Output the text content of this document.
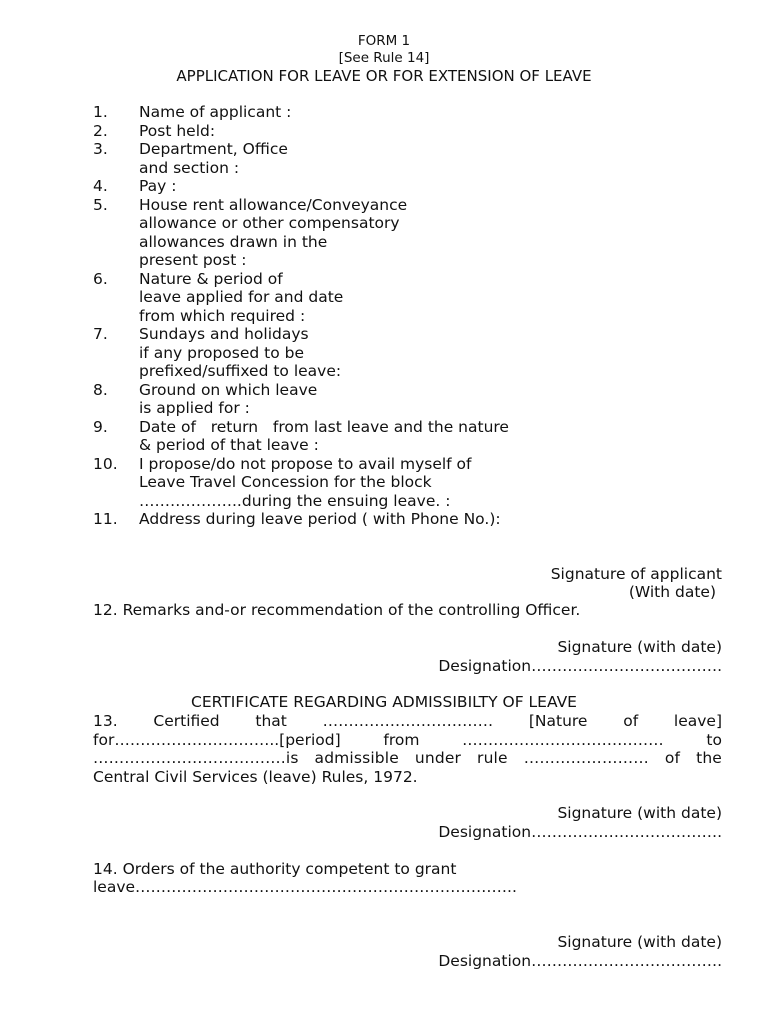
FORM 1
[See Rule 14]
APPLICATION FOR LEAVE OR FOR EXTENSION OF LEAVE
1.	Name of applicant :
2.	Post held:
3.	Department, Office
and section :
4.	Pay :
5.	House rent allowance/Conveyance
allowance or other compensatory
allowances drawn in the
present post :
6.	Nature & period of
leave applied for and date
from which required :
7.	Sundays and holidays
if any proposed to be
prefixed/suffixed to leave:
8.	Ground on which leave
is applied for :
9.	Date of   return   from last leave and the nature
& period of that leave :
10.	I propose/do not propose to avail myself of
Leave Travel Concession for the block
………………..during the ensuing leave. :
11.	Address during leave period ( with Phone No.):
Signature of applicant
(With date)
12. Remarks and-or recommendation of the controlling Officer.
Signature (with date)
Designation……………………………….
CERTIFICATE REGARDING ADMISSIBILTY OF LEAVE
13.    Certified    that    ……………………………    [Nature    of    leave]
for…………………………..[period]    from    …………………………………    to
……………………………….is admissible under rule …………………… of the
Central Civil Services (leave) Rules, 1972.
Signature (with date)
Designation……………………………….
14. Orders of the authority competent to grant
leave………………………………………………………………..
Signature (with date)
Designation……………………………….
